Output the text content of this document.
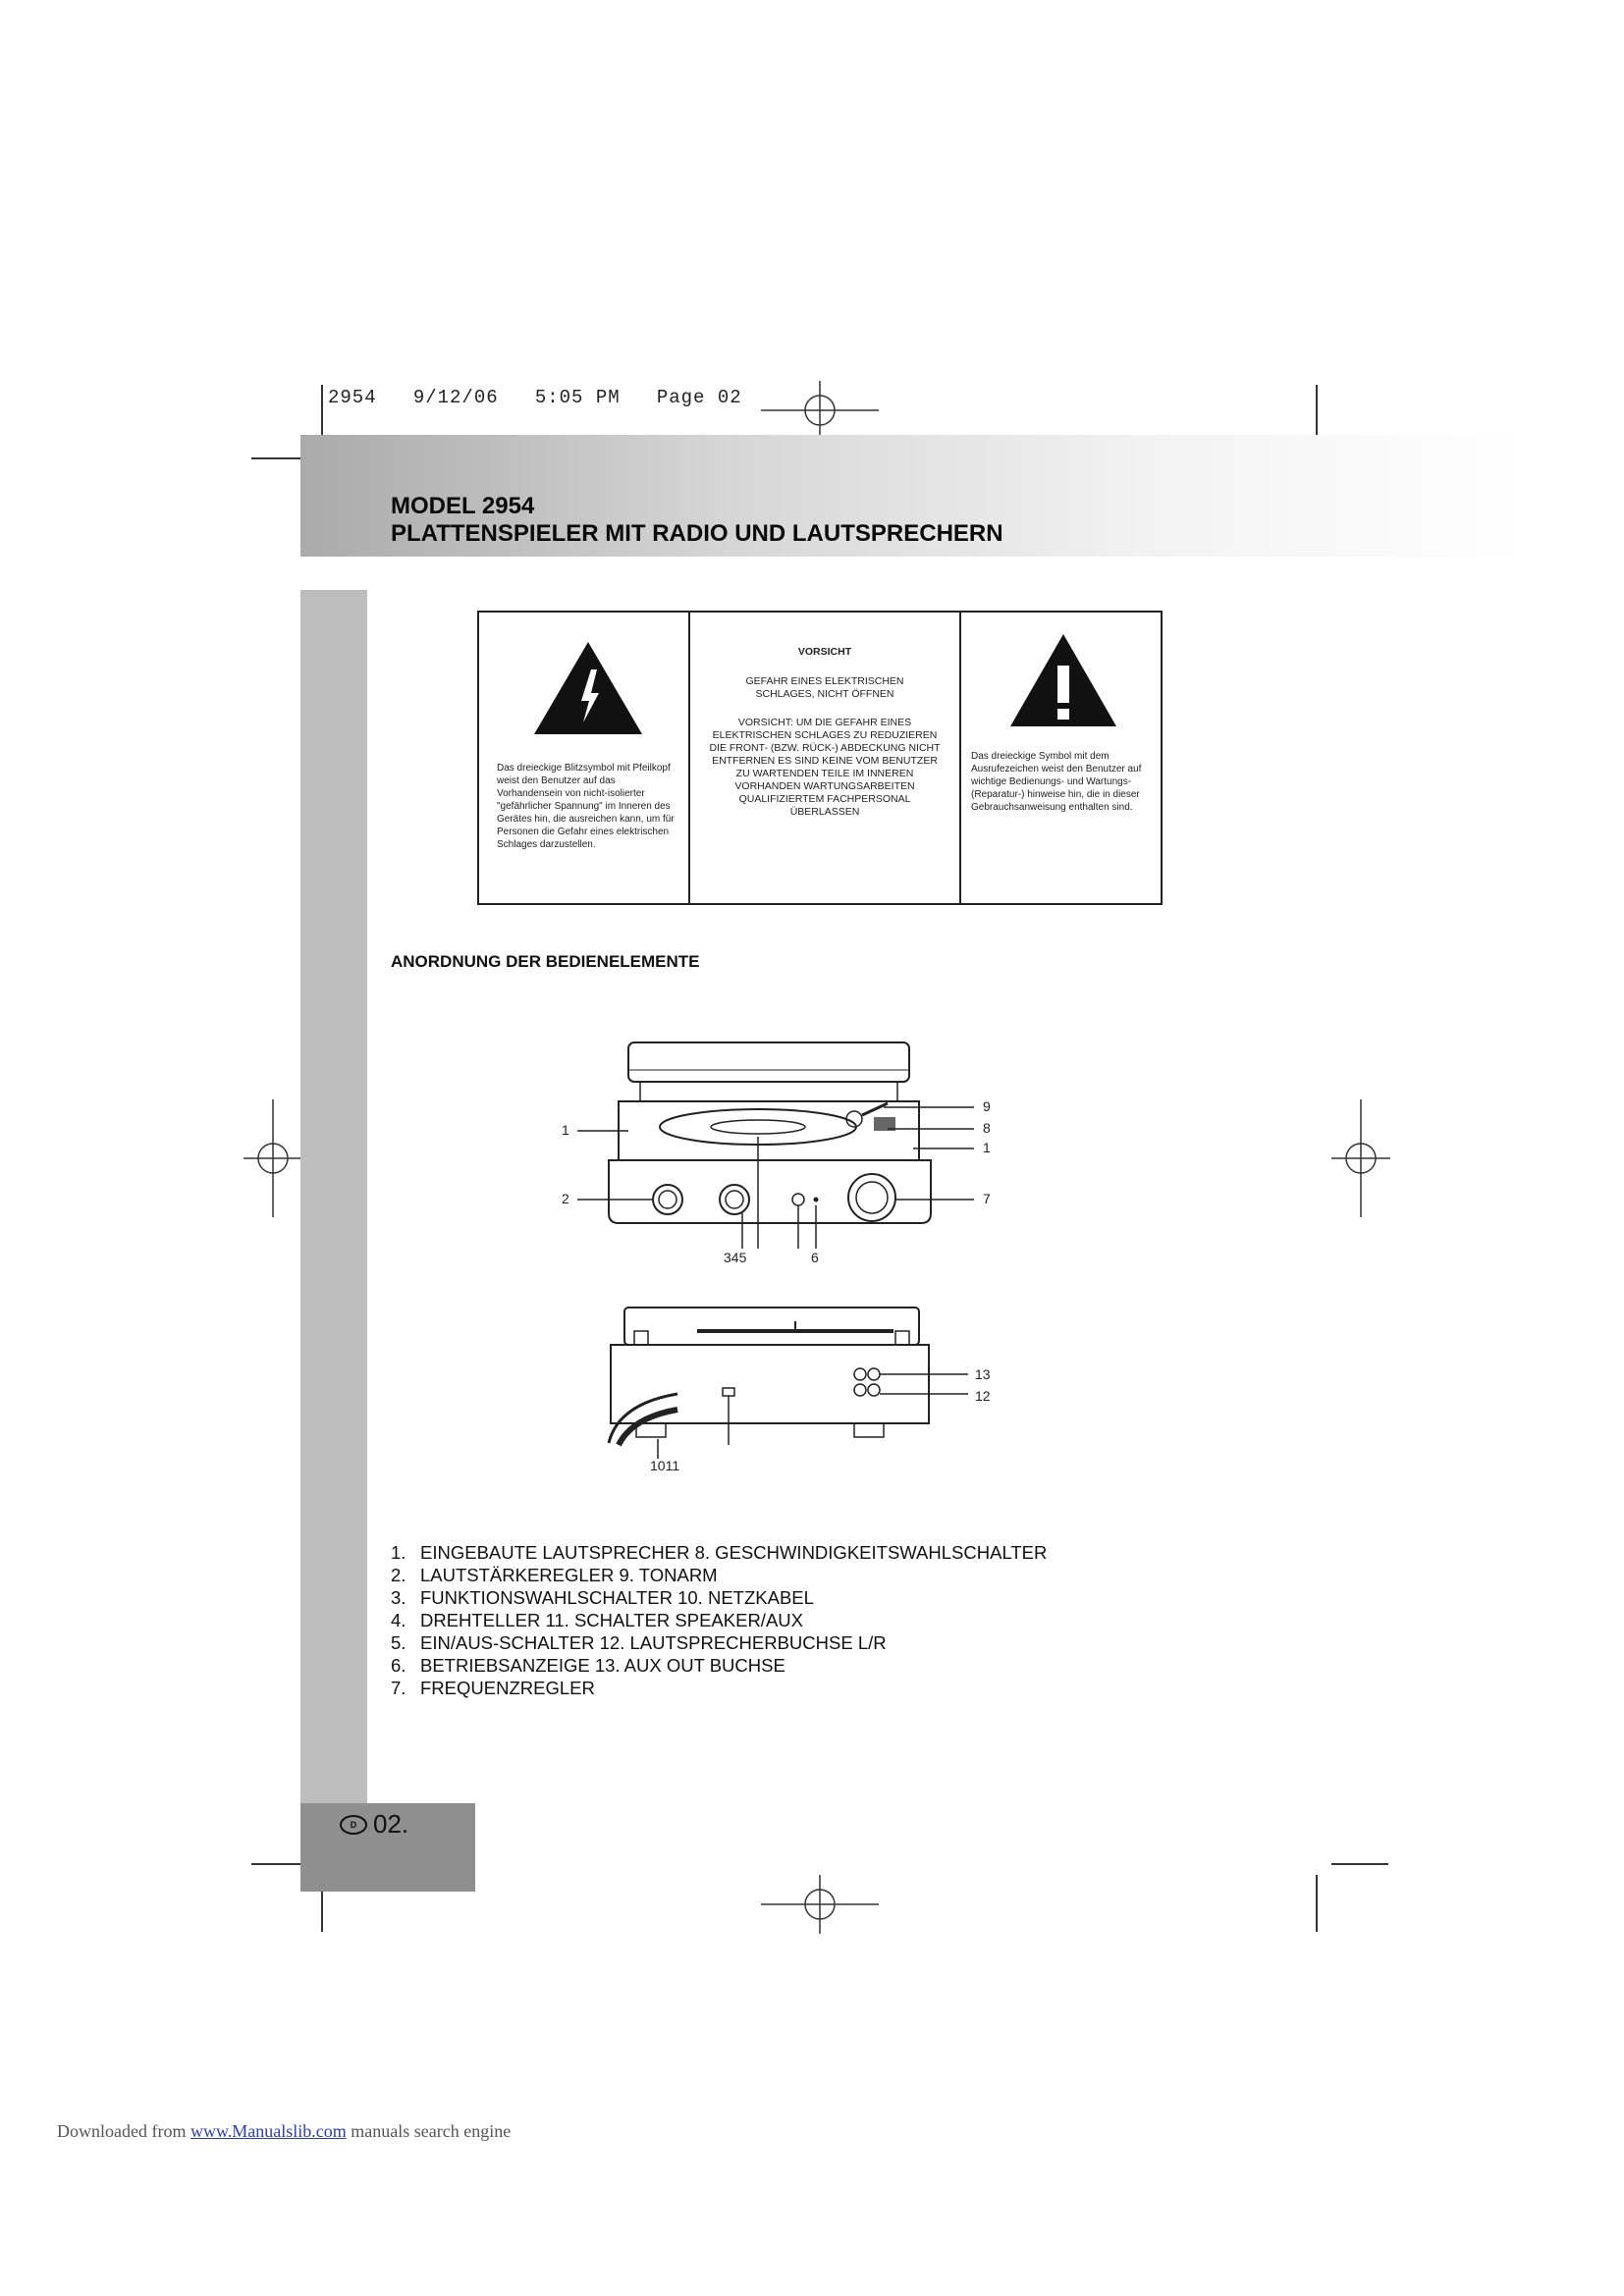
2954   9/12/06   5:05 PM   Page 02
MODEL 2954
PLATTENSPIELER MIT RADIO UND LAUTSPRECHERN
D 02.
Das dreieckige Blitzsymbol mit Pfeilkopf weist den Benutzer auf das Vorhandensein von nicht-isolierter "gefährlicher Spannung" im Inneren des Gerätes hin, die ausreichen kann, um für Personen die Gefahr eines elektrischen Schlages darzustellen.
VORSICHT
GEFAHR EINES ELEKTRISCHEN SCHLAGES, NICHT ÖFFNEN
VORSICHT: UM DIE GEFAHR EINES ELEKTRISCHEN SCHLAGES ZU REDUZIEREN DIE FRONT- (BZW. RÜCK-) ABDECKUNG NICHT ENTFERNEN ES SIND KEINE VOM BENUTZER ZU WARTENDEN TEILE IM INNEREN VORHANDEN WARTUNGSARBEITEN QUALIFIZIERTEM FACHPERSONAL ÜBERLASSEN
Das dreieckige Symbol mit dem Ausrufezeichen weist den Benutzer auf wichtige Bedienungs- und Wartungs- (Reparatur-) hinweise hin, die in dieser Gebrauchsanweisung enthalten sind.
ANORDNUNG DER BEDIENELEMENTE
1
2
345	6
7
9
8
1
13
12
1011
1. EINGEBAUTE LAUTSPRECHER 8. GESCHWINDIGKEITSWAHLSCHALTER
2. LAUTSTÄRKEREGLER 9. TONARM
3. FUNKTIONSWAHLSCHALTER 10. NETZKABEL
4. DREHTELLER 11. SCHALTER SPEAKER/AUX
5. EIN/AUS-SCHALTER 12. LAUTSPRECHERBUCHSE L/R
6. BETRIEBSANZEIGE 13. AUX OUT BUCHSE
7. FREQUENZREGLER
Downloaded from www.Manualslib.com manuals search engine
